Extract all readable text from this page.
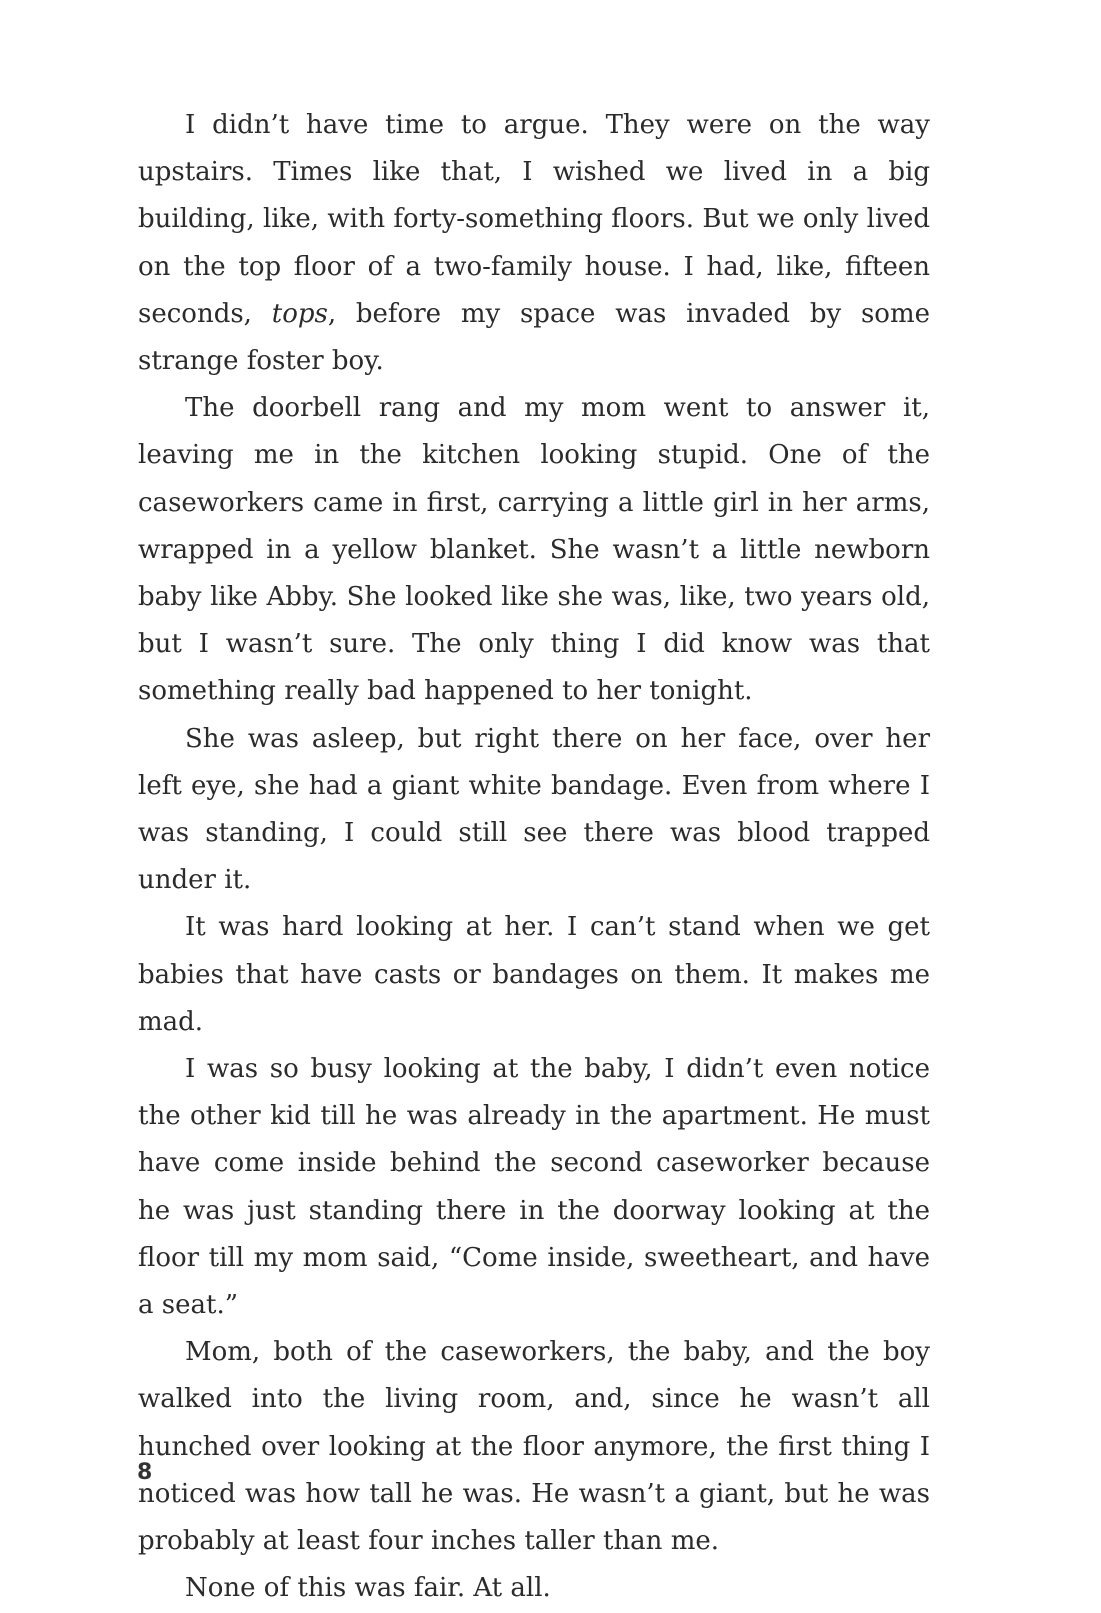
I didn’t have time to argue. They were on the way upstairs. Times like that, I wished we lived in a big building, like, with forty-something floors. But we only lived on the top floor of a two-family house. I had, like, fifteen seconds, tops, before my space was invaded by some strange foster boy.

The doorbell rang and my mom went to answer it, leaving me in the kitchen looking stupid. One of the caseworkers came in first, carrying a little girl in her arms, wrapped in a yellow blanket. She wasn’t a little newborn baby like Abby. She looked like she was, like, two years old, but I wasn’t sure. The only thing I did know was that something really bad happened to her tonight.

She was asleep, but right there on her face, over her left eye, she had a giant white bandage. Even from where I was standing, I could still see there was blood trapped under it.

It was hard looking at her. I can’t stand when we get babies that have casts or bandages on them. It makes me mad.

I was so busy looking at the baby, I didn’t even notice the other kid till he was already in the apartment. He must have come inside behind the second caseworker because he was just standing there in the doorway looking at the floor till my mom said, “Come inside, sweetheart, and have a seat.”

Mom, both of the caseworkers, the baby, and the boy walked into the living room, and, since he wasn’t all hunched over looking at the floor anymore, the first thing I noticed was how tall he was. He wasn’t a giant, but he was probably at least four inches taller than me.

None of this was fair. At all.

8
